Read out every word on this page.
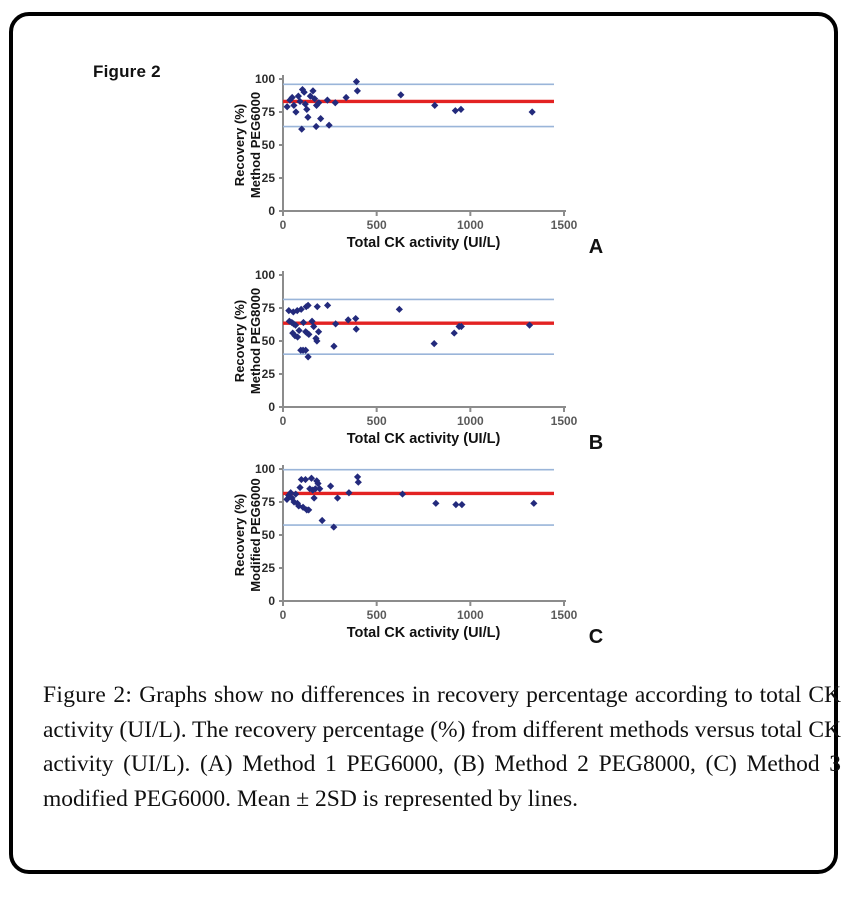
Figure 2
0
25
50
75
100
0	500	1000	1500
Recovery (%) Method PEG6000
Total CK activity (UI/L)	A
0
25
50
75
100
0	500	1000	1500
Recovery (%) Method PEG8000
Total CK activity (UI/L)	B
0
25
50
75
100
0	500	1000	1500
Recovery (%) Modified PEG6000
Total CK activity (UI/L)	C

Figure 2: Graphs show no differences in recovery percentage according to total CK activity (UI/L). The recovery percentage (%) from different methods versus total CK activity (UI/L). (A) Method 1 PEG6000, (B) Method 2 PEG8000, (C) Method 3 modified PEG6000. Mean ± 2SD is represented by lines.
